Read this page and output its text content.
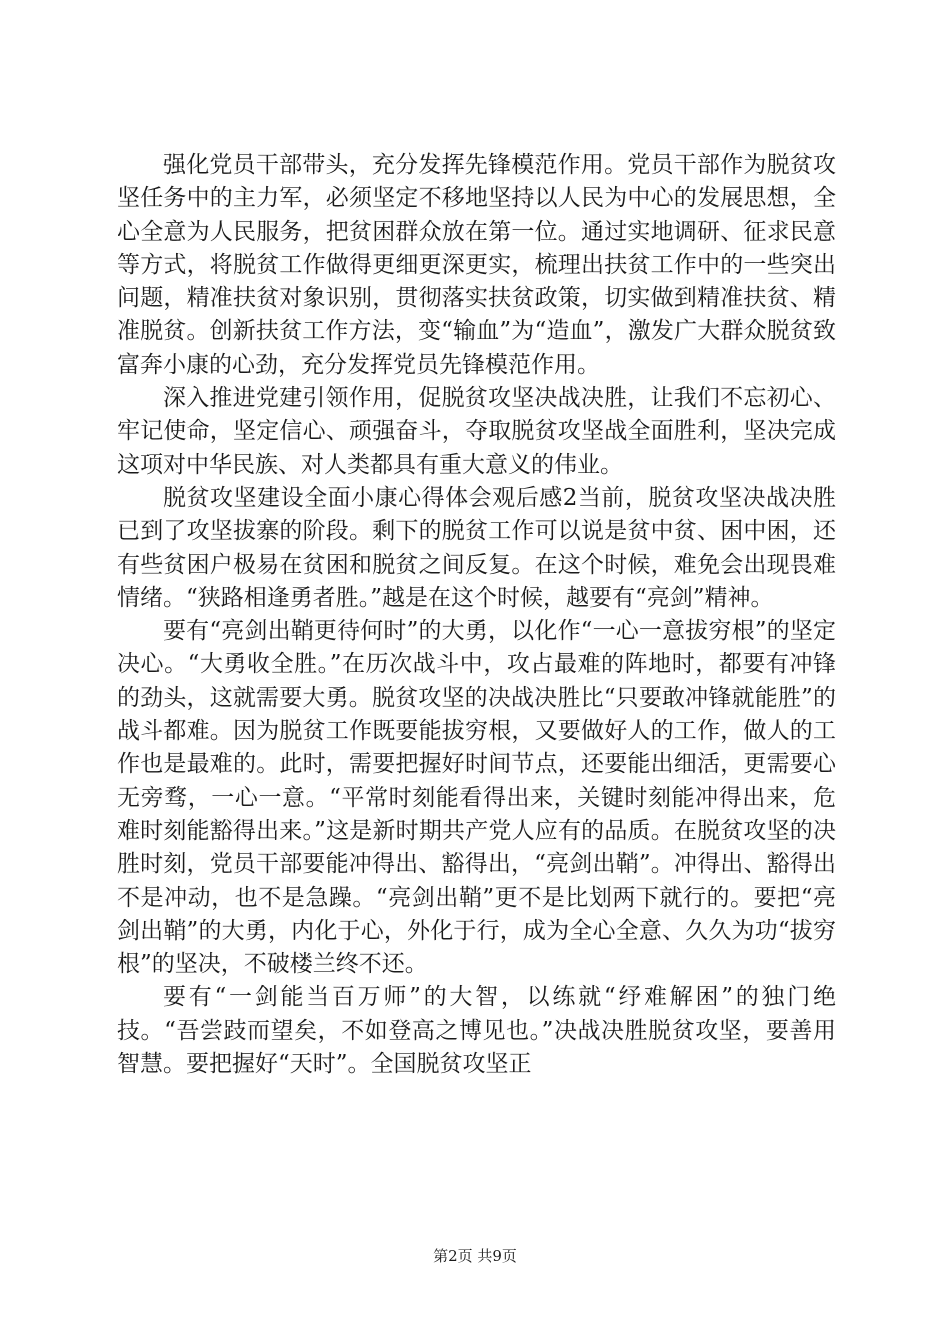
强化党员干部带头，充分发挥先锋模范作用。党员干部作为脱贫攻坚任务中的主力军，必须坚定不移地坚持以人民为中心的发展思想，全心全意为人民服务，把贫困群众放在第一位。通过实地调研、征求民意等方式，将脱贫工作做得更细更深更实，梳理出扶贫工作中的一些突出问题，精准扶贫对象识别，贯彻落实扶贫政策，切实做到精准扶贫、精准脱贫。创新扶贫工作方法，变“输血”为“造血”，激发广大群众脱贫致富奔小康的心劲，充分发挥党员先锋模范作用。

深入推进党建引领作用，促脱贫攻坚决战决胜，让我们不忘初心、牢记使命，坚定信心、顽强奋斗，夺取脱贫攻坚战全面胜利，坚决完成这项对中华民族、对人类都具有重大意义的伟业。

脱贫攻坚建设全面小康心得体会观后感2当前，脱贫攻坚决战决胜已到了攻坚拔寨的阶段。剩下的脱贫工作可以说是贫中贫、困中困，还有些贫困户极易在贫困和脱贫之间反复。在这个时候，难免会出现畏难情绪。“狭路相逢勇者胜。”越是在这个时候，越要有“亮剑”精神。

要有“亮剑出鞘更待何时”的大勇，以化作“一心一意拔穷根”的坚定决心。“大勇收全胜。”在历次战斗中，攻占最难的阵地时，都要有冲锋的劲头，这就需要大勇。脱贫攻坚的决战决胜比“只要敢冲锋就能胜”的战斗都难。因为脱贫工作既要能拔穷根，又要做好人的工作，做人的工作也是最难的。此时，需要把握好时间节点，还要能出细活，更需要心无旁骛，一心一意。“平常时刻能看得出来，关键时刻能冲得出来，危难时刻能豁得出来。”这是新时期共产党人应有的品质。在脱贫攻坚的决胜时刻，党员干部要能冲得出、豁得出，“亮剑出鞘”。冲得出、豁得出不是冲动，也不是急躁。“亮剑出鞘”更不是比划两下就行的。要把“亮剑出鞘”的大勇，内化于心，外化于行，成为全心全意、久久为功“拔穷根”的坚决，不破楼兰终不还。

要有“一剑能当百万师”的大智，以练就“纾难解困”的独门绝技。“吾尝跂而望矣，不如登高之博见也。”决战决胜脱贫攻坚，要善用智慧。要把握好“天时”。全国脱贫攻坚正

第2页 共9页
